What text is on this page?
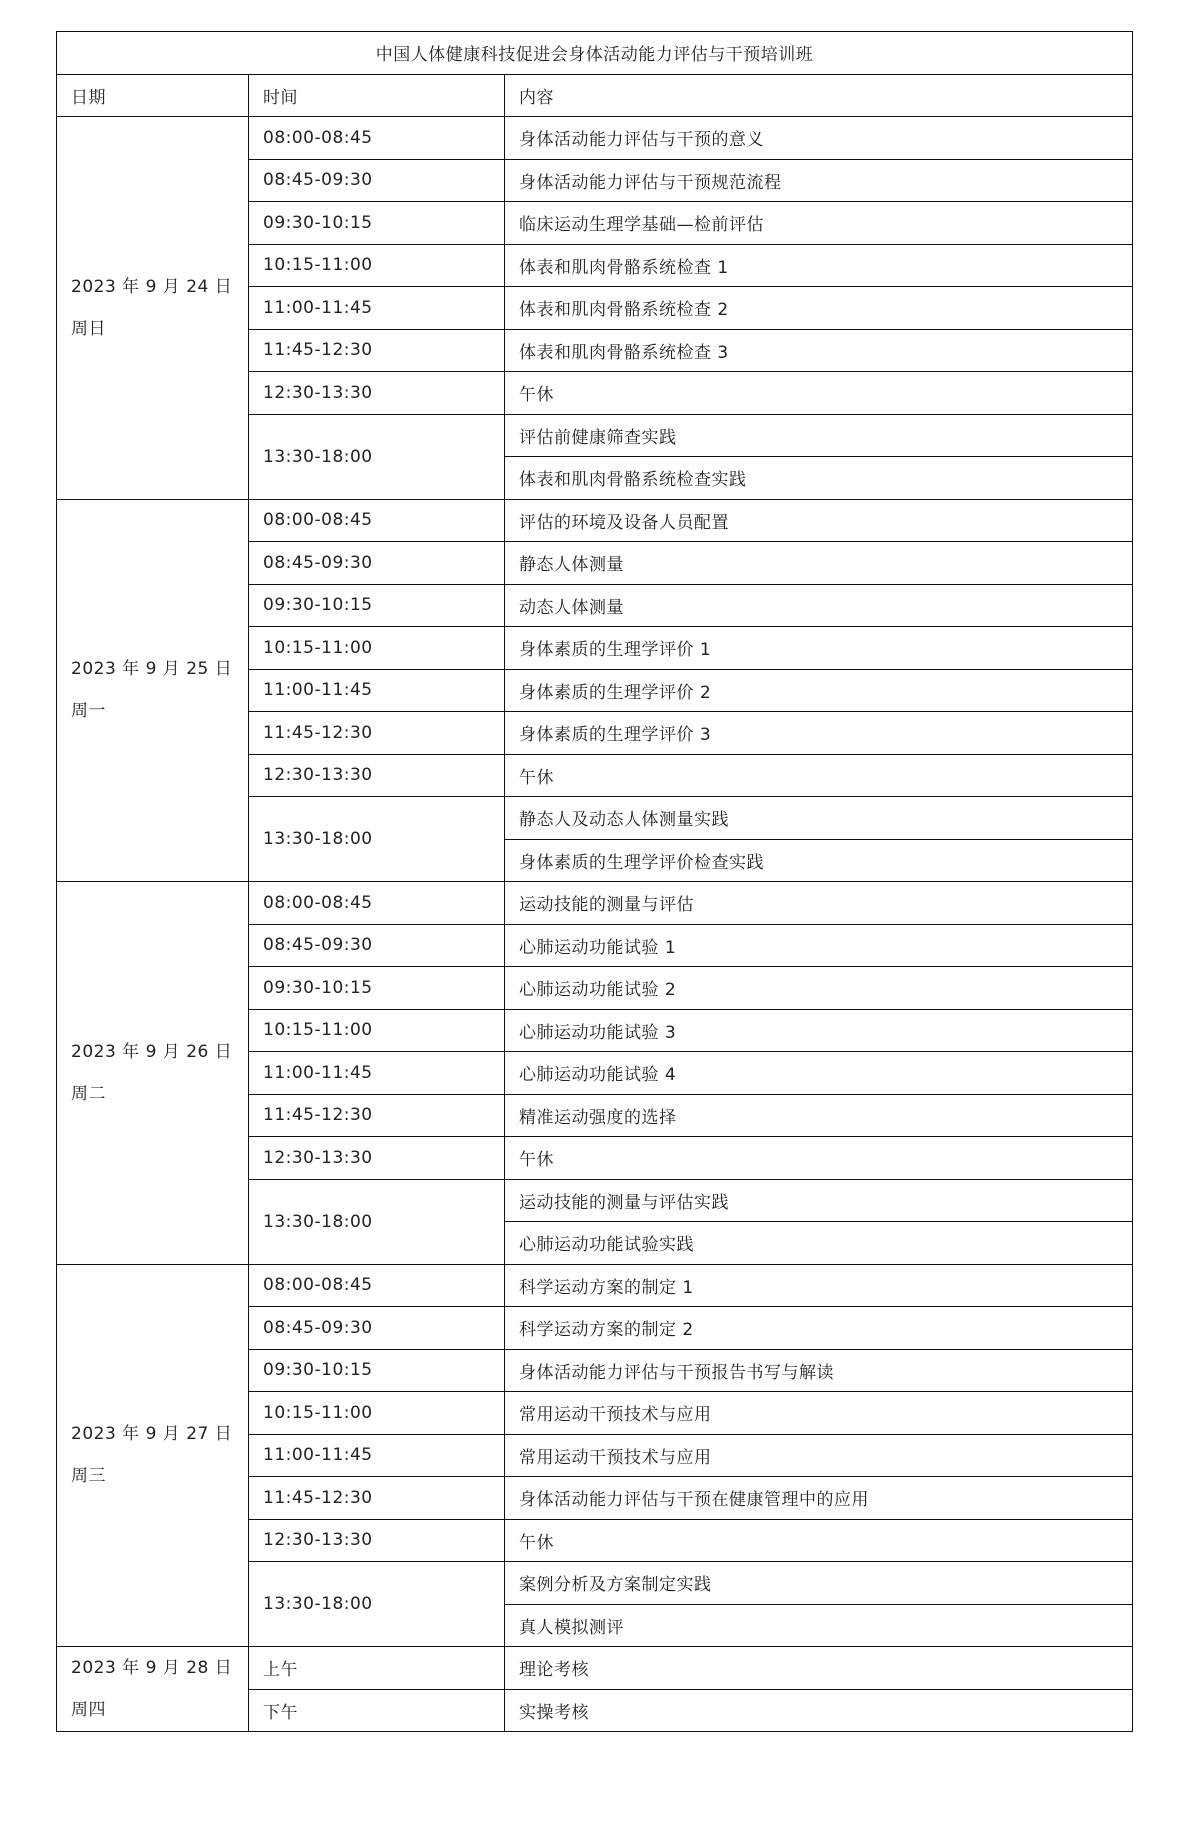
中国人体健康科技促进会身体活动能力评估与干预培训班		
日期	时间	内容

2023 年 9 月 24 日
周日	08:00-08:45	身体活动能力评估与干预的意义
	08:45-09:30	身体活动能力评估与干预规范流程
	09:30-10:15	临床运动生理学基础—检前评估
	10:15-11:00	体表和肌肉骨骼系统检查 1
	11:00-11:45	体表和肌肉骨骼系统检查 2
	11:45-12:30	体表和肌肉骨骼系统检查 3
	12:30-13:30	午休
	13:30-18:00	评估前健康筛查实践
		体表和肌肉骨骼系统检查实践

2023 年 9 月 25 日
周一	08:00-08:45	评估的环境及设备人员配置
	08:45-09:30	静态人体测量
	09:30-10:15	动态人体测量
	10:15-11:00	身体素质的生理学评价 1
	11:00-11:45	身体素质的生理学评价 2
	11:45-12:30	身体素质的生理学评价 3
	12:30-13:30	午休
	13:30-18:00	静态人及动态人体测量实践
		身体素质的生理学评价检查实践

2023 年 9 月 26 日
周二	08:00-08:45	运动技能的测量与评估
	08:45-09:30	心肺运动功能试验 1
	09:30-10:15	心肺运动功能试验 2
	10:15-11:00	心肺运动功能试验 3
	11:00-11:45	心肺运动功能试验 4
	11:45-12:30	精准运动强度的选择
	12:30-13:30	午休
	13:30-18:00	运动技能的测量与评估实践
		心肺运动功能试验实践

2023 年 9 月 27 日
周三	08:00-08:45	科学运动方案的制定 1
	08:45-09:30	科学运动方案的制定 2
	09:30-10:15	身体活动能力评估与干预报告书写与解读
	10:15-11:00	常用运动干预技术与应用
	11:00-11:45	常用运动干预技术与应用
	11:45-12:30	身体活动能力评估与干预在健康管理中的应用
	12:30-13:30	午休
	13:30-18:00	案例分析及方案制定实践
		真人模拟测评

2023 年 9 月 28 日
周四	上午	理论考核
	下午	实操考核
